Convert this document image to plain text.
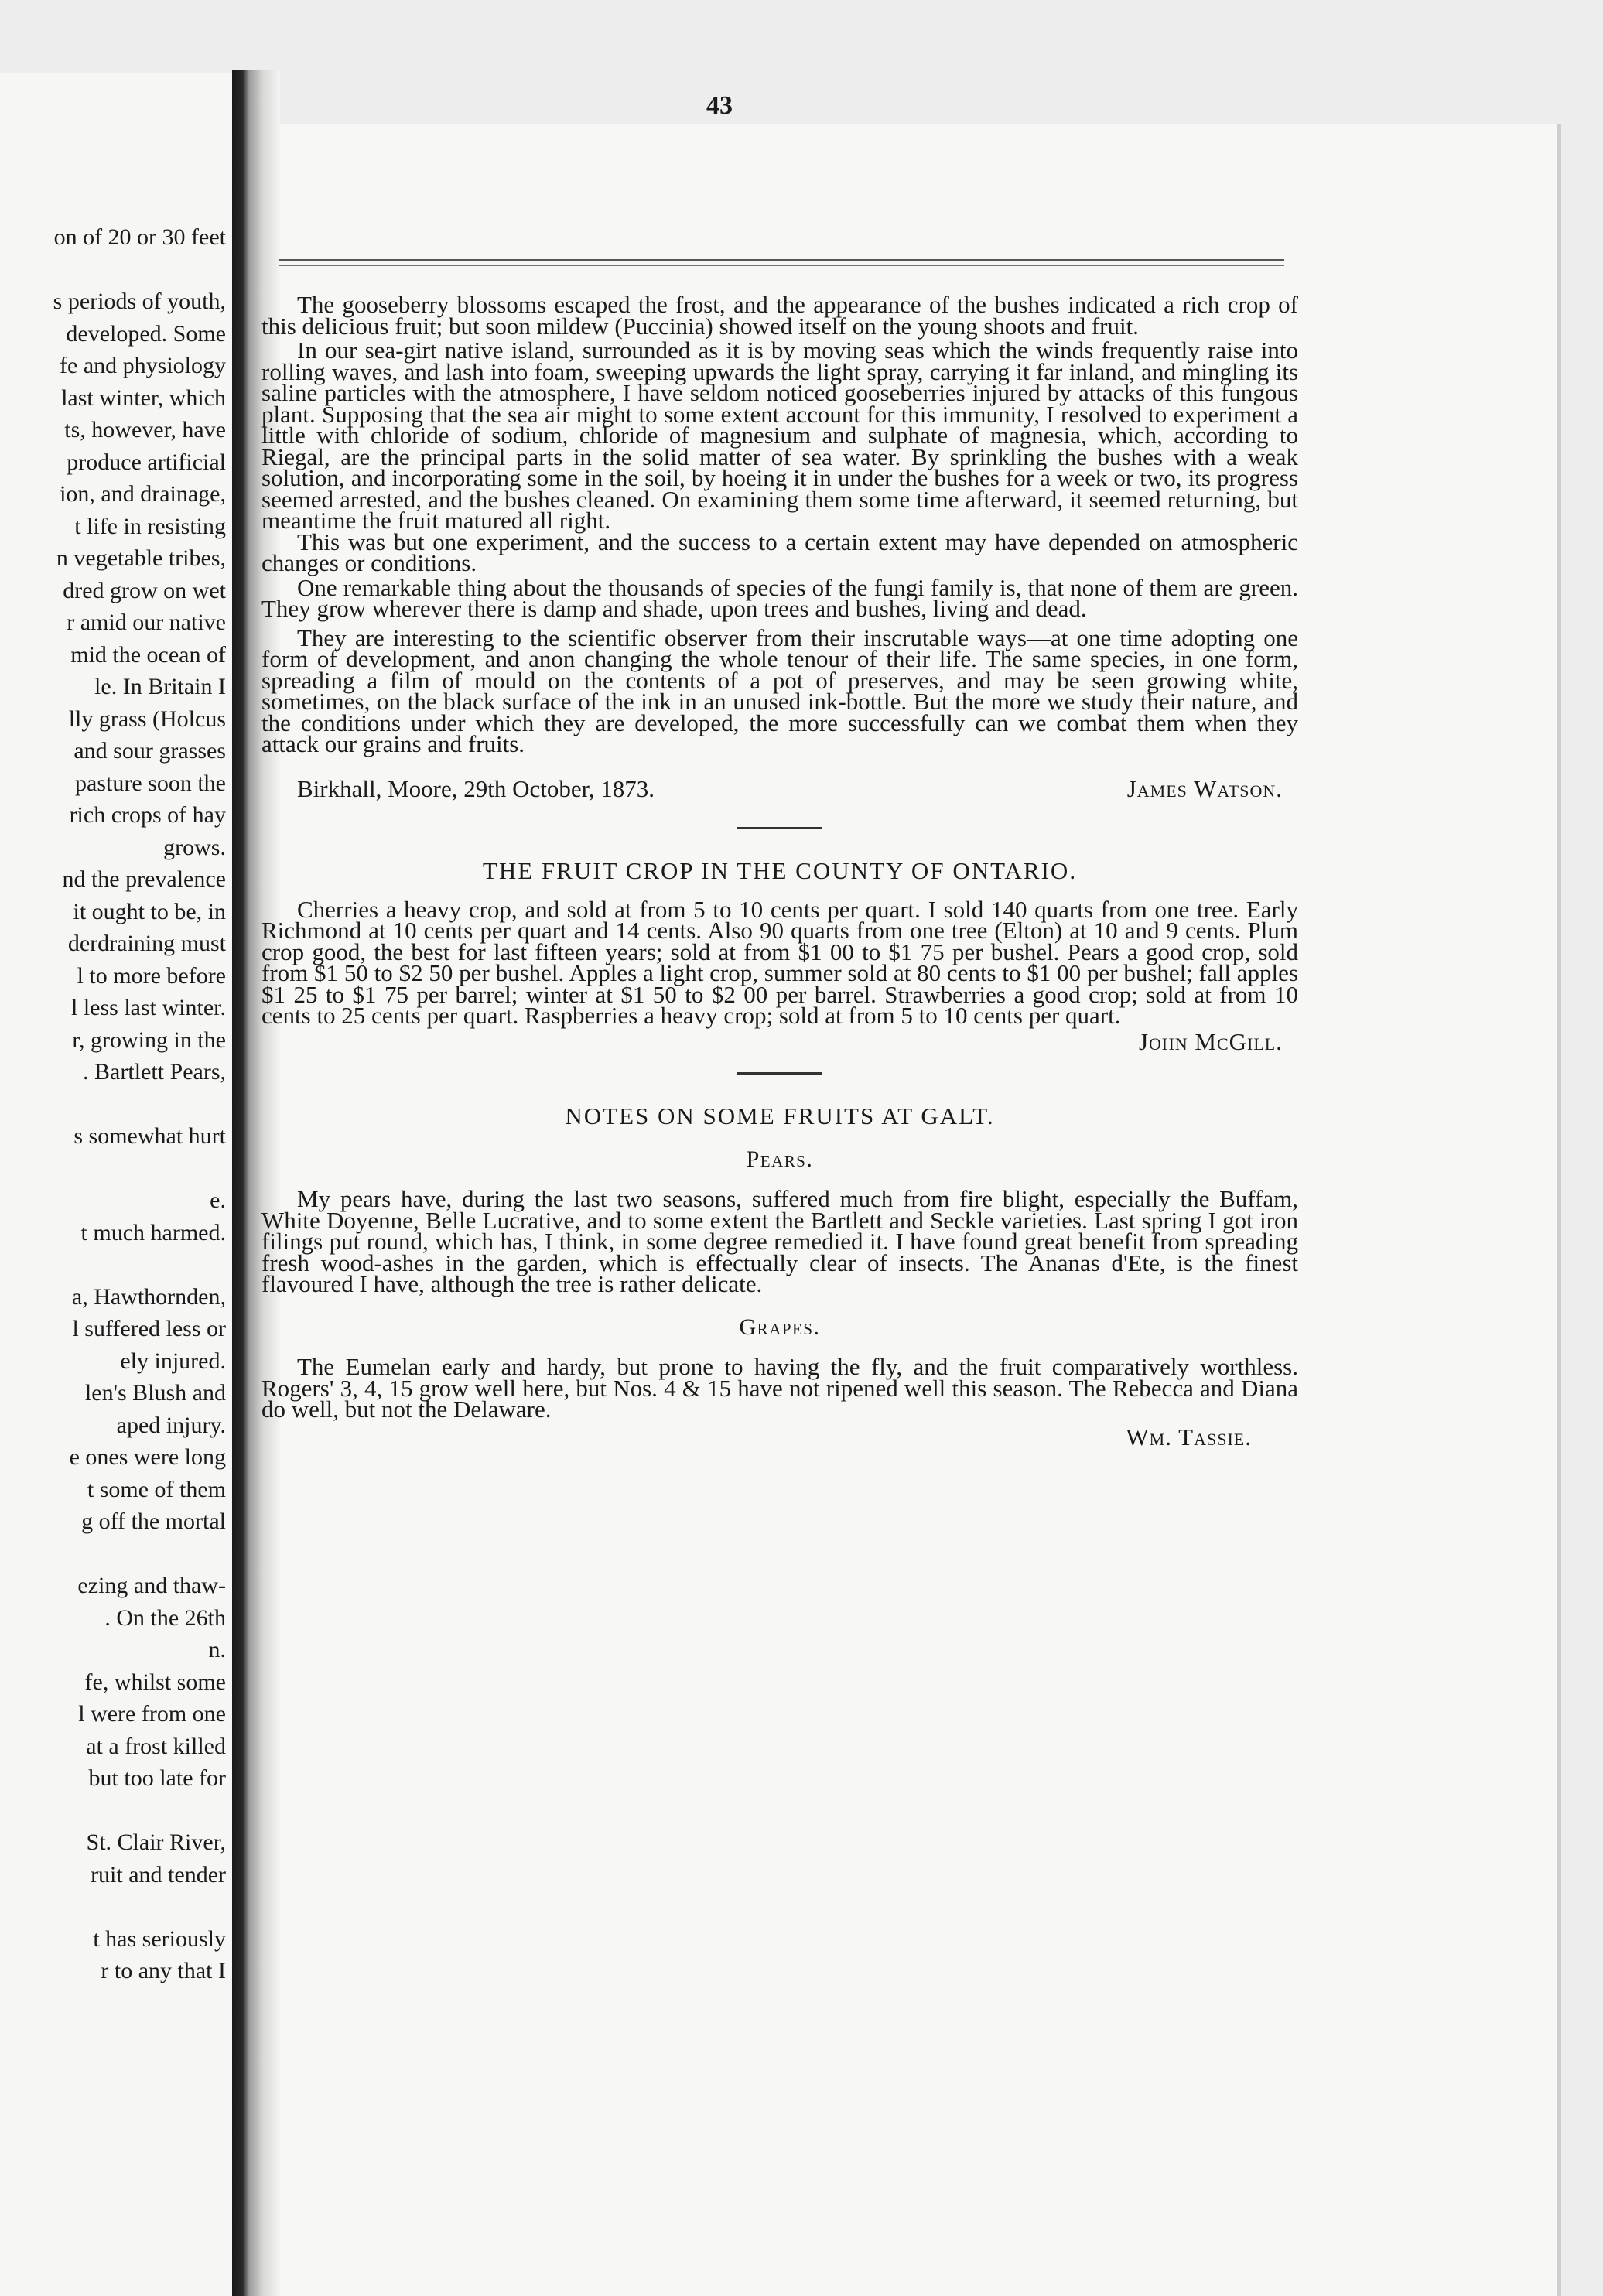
on of 20 or 30 feet
s periods of youth,
developed. Some
fe and physiology
last winter, which
ts, however, have
produce artificial
ion, and drainage,
t life in resisting
n vegetable tribes,
dred grow on wet
r amid our native
mid the ocean of
le. In Britain I
lly grass (Holcus
and sour grasses
pasture soon the
rich crops of hay
grows.
nd the prevalence
it ought to be, in
derdraining must
l to more before
l less last winter.
r, growing in the
. Bartlett Pears,
s somewhat hurt
e.
t much harmed.
a, Hawthornden,
l suffered less or
ely injured.
len's Blush and
aped injury.
e ones were long
t some of them
g off the mortal
ezing and thaw-
. On the 26th
n.
fe, whilst some
l were from one
at a frost killed
but too late for
St. Clair River,
ruit and tender
t has seriously
r to any that I
43

The gooseberry blossoms escaped the frost, and the appearance of the bushes indicated a rich crop of this delicious fruit; but soon mildew (Puccinia) showed itself on the young shoots and fruit.

In our sea-girt native island, surrounded as it is by moving seas which the winds frequently raise into rolling waves, and lash into foam, sweeping upwards the light spray, carrying it far inland, and mingling its saline particles with the atmosphere, I have seldom noticed gooseberries injured by attacks of this fungous plant. Supposing that the sea air might to some extent account for this immunity, I resolved to experiment a little with chloride of sodium, chloride of magnesium and sulphate of magnesia, which, according to Riegal, are the principal parts in the solid matter of sea water. By sprinkling the bushes with a weak solution, and incorporating some in the soil, by hoeing it in under the bushes for a week or two, its progress seemed arrested, and the bushes cleaned. On examining them some time afterward, it seemed returning, but meantime the fruit matured all right.

This was but one experiment, and the success to a certain extent may have depended on atmospheric changes or conditions.

One remarkable thing about the thousands of species of the fungi family is, that none of them are green. They grow wherever there is damp and shade, upon trees and bushes, living and dead.

They are interesting to the scientific observer from their inscrutable ways—at one time adopting one form of development, and anon changing the whole tenour of their life. The same species, in one form, spreading a film of mould on the contents of a pot of preserves, and may be seen growing white, sometimes, on the black surface of the ink in an unused ink-bottle. But the more we study their nature, and the conditions under which they are developed, the more successfully can we combat them when they attack our grains and fruits.

Birkhall, Moore, 29th October, 1873.	James Watson.
THE FRUIT CROP IN THE COUNTY OF ONTARIO.

Cherries a heavy crop, and sold at from 5 to 10 cents per quart. I sold 140 quarts from one tree. Early Richmond at 10 cents per quart and 14 cents. Also 90 quarts from one tree (Elton) at 10 and 9 cents. Plum crop good, the best for last fifteen years; sold at from $1 00 to $1 75 per bushel. Pears a good crop, sold from $1 50 to $2 50 per bushel. Apples a light crop, summer sold at 80 cents to $1 00 per bushel; fall apples $1 25 to $1 75 per barrel; winter at $1 50 to $2 00 per barrel. Strawberries a good crop; sold at from 10 cents to 25 cents per quart. Raspberries a heavy crop; sold at from 5 to 10 cents per quart.

John McGill.
NOTES ON SOME FRUITS AT GALT.
Pears.

My pears have, during the last two seasons, suffered much from fire blight, especially the Buffam, White Doyenne, Belle Lucrative, and to some extent the Bartlett and Seckle varieties. Last spring I got iron filings put round, which has, I think, in some degree remedied it. I have found great benefit from spreading fresh wood-ashes in the garden, which is effectually clear of insects. The Ananas d'Ete, is the finest flavoured I have, although the tree is rather delicate.

Grapes.

The Eumelan early and hardy, but prone to having the fly, and the fruit comparatively worthless. Rogers' 3, 4, 15 grow well here, but Nos. 4 & 15 have not ripened well this season. The Rebecca and Diana do well, but not the Delaware.

Wm. Tassie.
